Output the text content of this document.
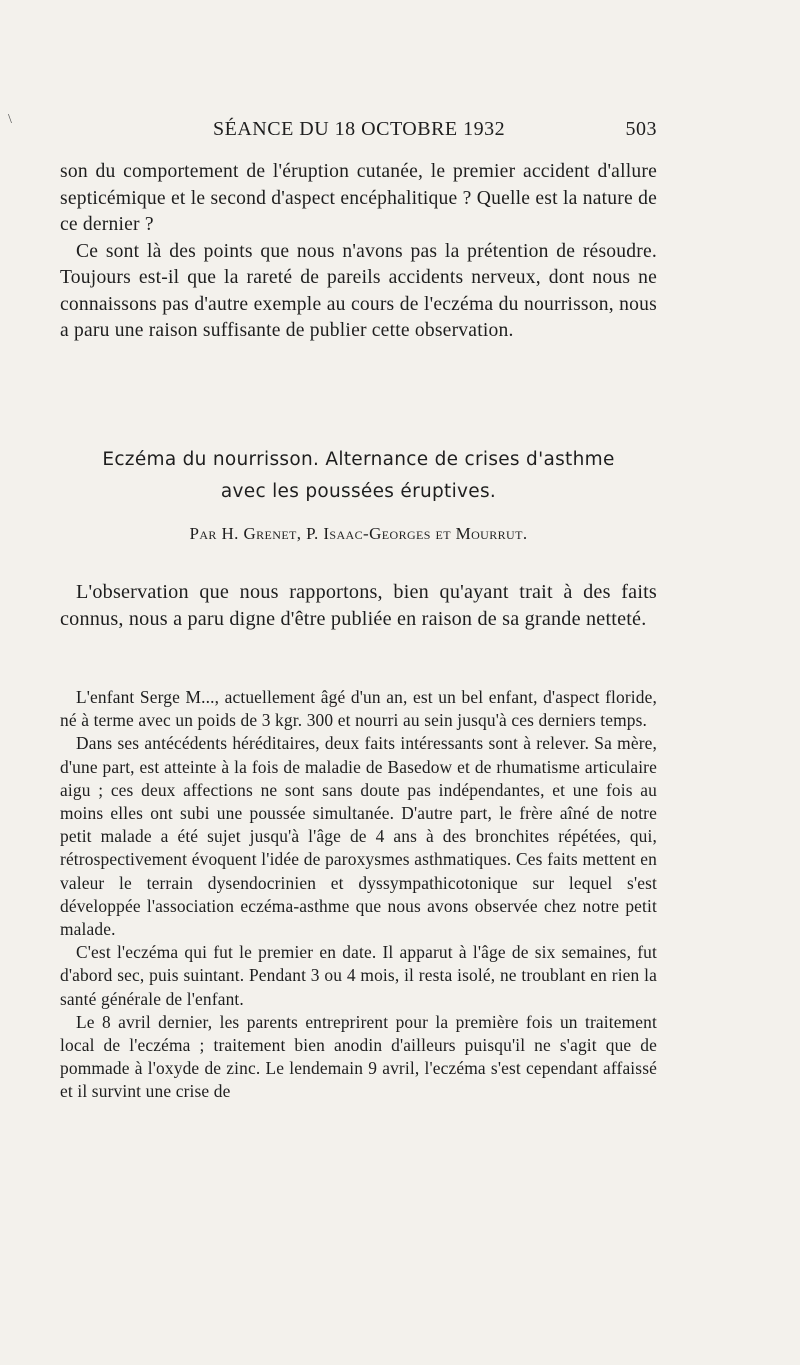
\	SÉANCE DU 18 OCTOBRE 1932	503

son du comportement de l'éruption cutanée, le premier accident d'allure septicémique et le second d'aspect encéphalitique ? Quelle est la nature de ce dernier ?

Ce sont là des points que nous n'avons pas la prétention de résoudre. Toujours est-il que la rareté de pareils accidents nerveux, dont nous ne connaissons pas d'autre exemple au cours de l'eczéma du nourrisson, nous a paru une raison suffisante de publier cette observation.

Eczéma du nourrisson. Alternance de crises d'asthme
avec les poussées éruptives.
Par H. Grenet, P. Isaac-Georges et Mourrut.

L'observation que nous rapportons, bien qu'ayant trait à des faits connus, nous a paru digne d'être publiée en raison de sa grande netteté.

L'enfant Serge M..., actuellement âgé d'un an, est un bel enfant, d'aspect floride, né à terme avec un poids de 3 kgr. 300 et nourri au sein jusqu'à ces derniers temps.

Dans ses antécédents héréditaires, deux faits intéressants sont à relever. Sa mère, d'une part, est atteinte à la fois de maladie de Basedow et de rhumatisme articulaire aigu ; ces deux affections ne sont sans doute pas indépendantes, et une fois au moins elles ont subi une poussée simultanée. D'autre part, le frère aîné de notre petit malade a été sujet jusqu'à l'âge de 4 ans à des bronchites répétées, qui, rétrospectivement évoquent l'idée de paroxysmes asthmatiques. Ces faits mettent en valeur le terrain dysendocrinien et dyssympathicotonique sur lequel s'est développée l'association eczéma-asthme que nous avons observée chez notre petit malade.

C'est l'eczéma qui fut le premier en date. Il apparut à l'âge de six semaines, fut d'abord sec, puis suintant. Pendant 3 ou 4 mois, il resta isolé, ne troublant en rien la santé générale de l'enfant.

Le 8 avril dernier, les parents entreprirent pour la première fois un traitement local de l'eczéma ; traitement bien anodin d'ailleurs puisqu'il ne s'agit que de pommade à l'oxyde de zinc. Le lendemain 9 avril, l'eczéma s'est cependant affaissé et il survint une crise de
